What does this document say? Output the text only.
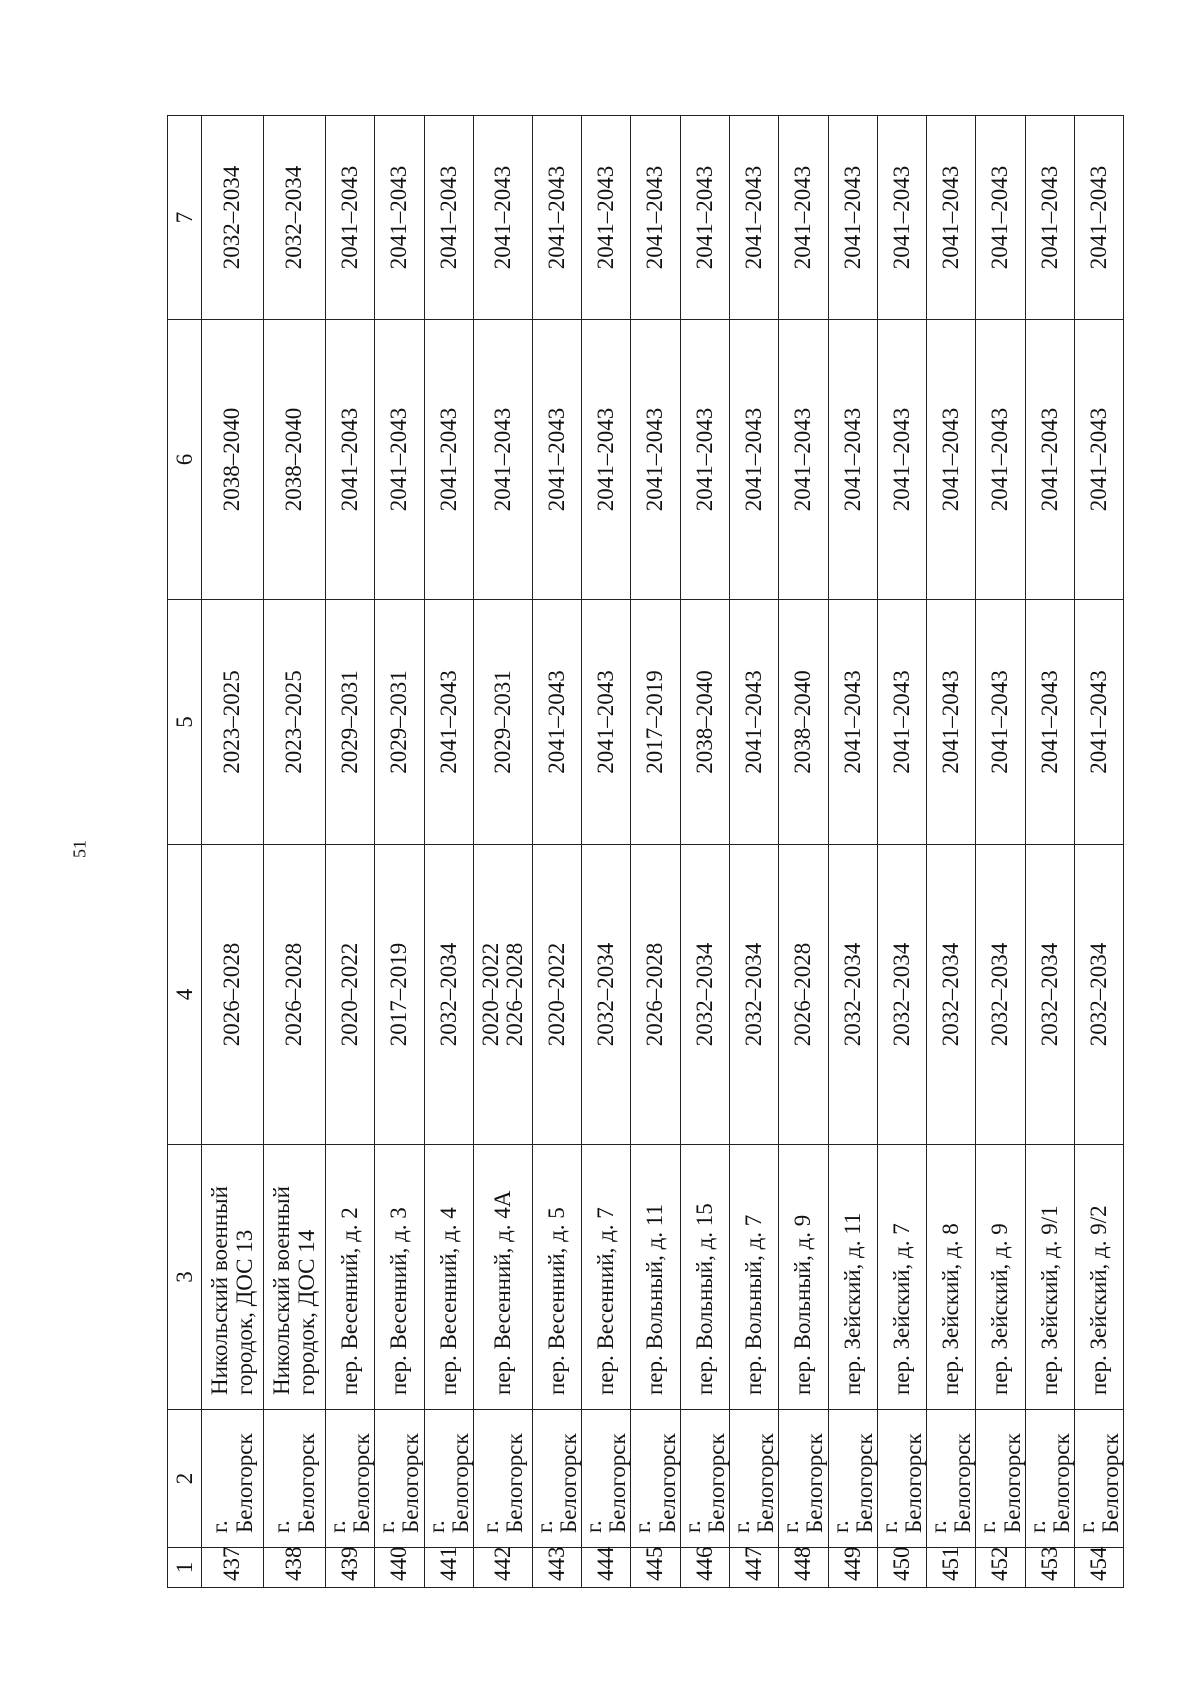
51
1	2	3	4	5	6	7
437	г. Белогорск	Никольский военный городок, ДОС 13	2026–2028	2023–2025	2038–2040	2032–2034
438	г. Белогорск	Никольский военный городок, ДОС 14	2026–2028	2023–2025	2038–2040	2032–2034
439	г. Белогорск	пер. Весенний, д. 2	2020–2022	2029–2031	2041–2043	2041–2043
440	г. Белогорск	пер. Весенний, д. 3	2017–2019	2029–2031	2041–2043	2041–2043
441	г. Белогорск	пер. Весенний, д. 4	2032–2034	2041–2043	2041–2043	2041–2043
442	г. Белогорск	пер. Весенний, д. 4А	2020–2022 2026–2028	2029–2031	2041–2043	2041–2043
443	г. Белогорск	пер. Весенний, д. 5	2020–2022	2041–2043	2041–2043	2041–2043
444	г. Белогорск	пер. Весенний, д. 7	2032–2034	2041–2043	2041–2043	2041–2043
445	г. Белогорск	пер. Вольный, д. 11	2026–2028	2017–2019	2041–2043	2041–2043
446	г. Белогорск	пер. Вольный, д. 15	2032–2034	2038–2040	2041–2043	2041–2043
447	г. Белогорск	пер. Вольный, д. 7	2032–2034	2041–2043	2041–2043	2041–2043
448	г. Белогорск	пер. Вольный, д. 9	2026–2028	2038–2040	2041–2043	2041–2043
449	г. Белогорск	пер. Зейский, д. 11	2032–2034	2041–2043	2041–2043	2041–2043
450	г. Белогорск	пер. Зейский, д. 7	2032–2034	2041–2043	2041–2043	2041–2043
451	г. Белогорск	пер. Зейский, д. 8	2032–2034	2041–2043	2041–2043	2041–2043
452	г. Белогорск	пер. Зейский, д. 9	2032–2034	2041–2043	2041–2043	2041–2043
453	г. Белогорск	пер. Зейский, д. 9/1	2032–2034	2041–2043	2041–2043	2041–2043
454	г. Белогорск	пер. Зейский, д. 9/2	2032–2034	2041–2043	2041–2043	2041–2043
